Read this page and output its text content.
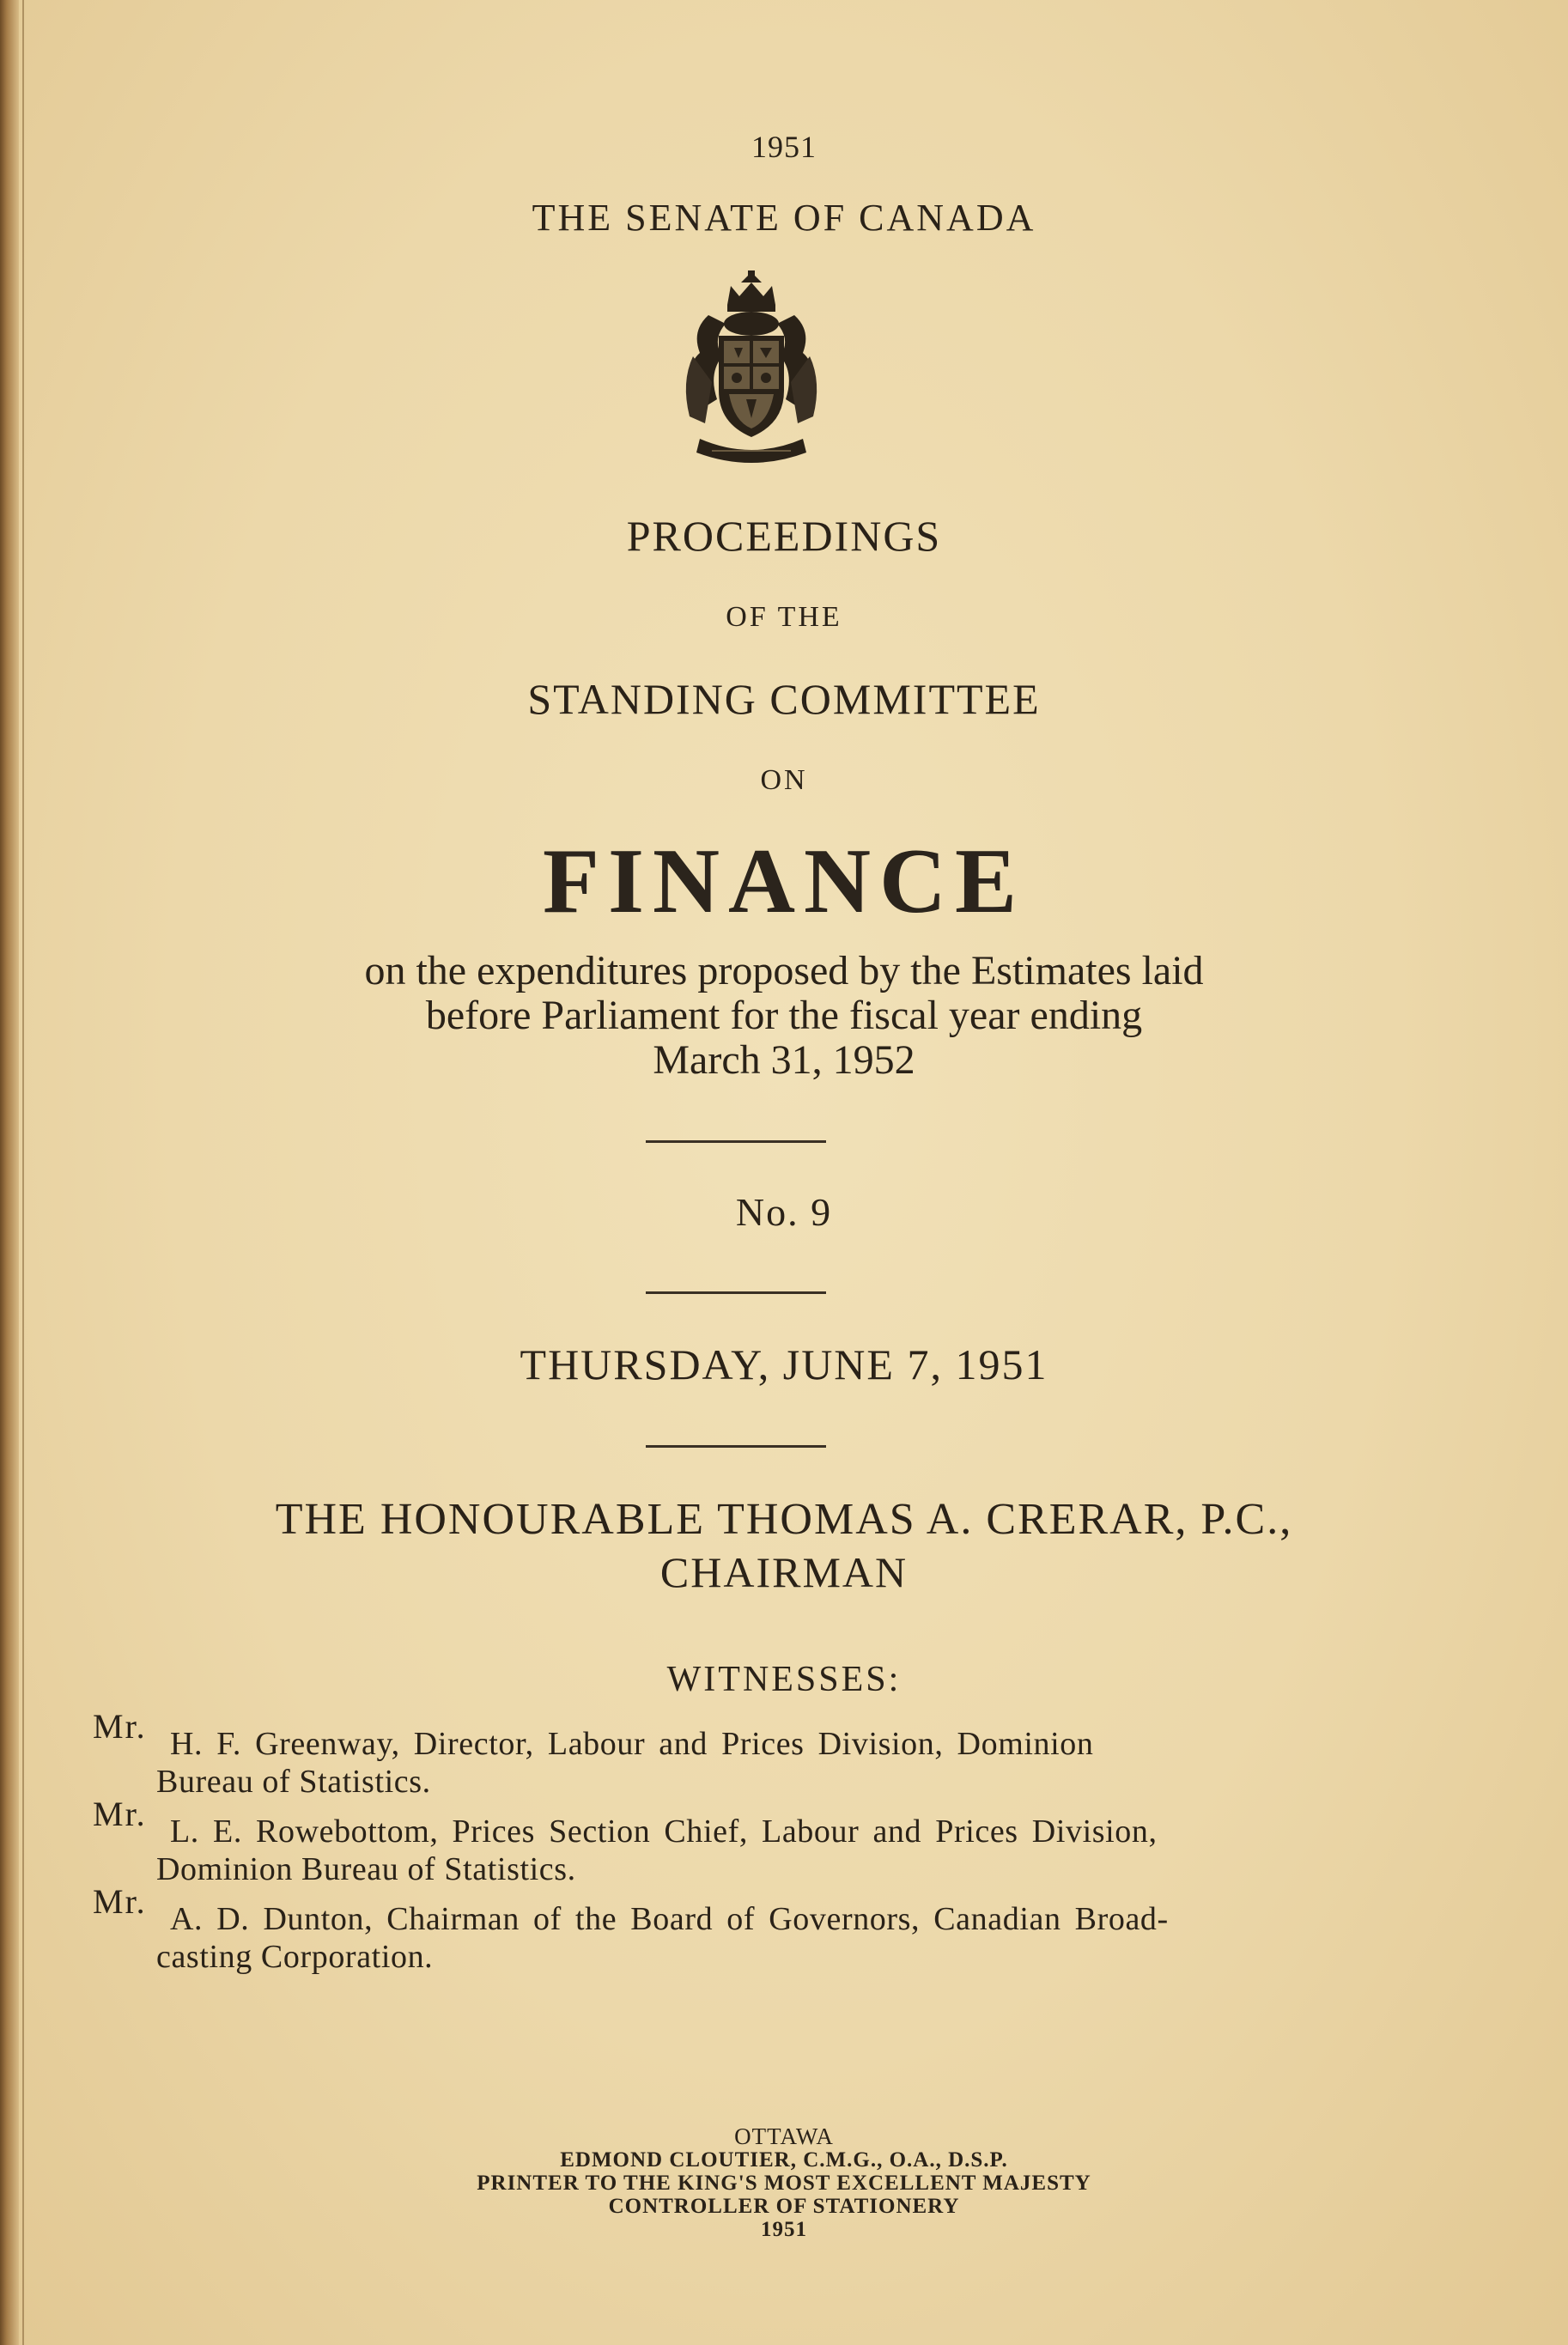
1951
THE SENATE OF CANADA
PROCEEDINGS
OF THE
STANDING COMMITTEE
ON
FINANCE
on the expenditures proposed by the Estimates laid
before Parliament for the fiscal year ending
March 31, 1952
No. 9
THURSDAY, JUNE 7, 1951
THE HONOURABLE THOMAS A. CRERAR, P.C.,
CHAIRMAN
WITNESSES:
Mr. H. F. Greenway, Director, Labour and Prices Division, Dominion
Bureau of Statistics.
Mr. L. E. Rowebottom, Prices Section Chief, Labour and Prices Division,
Dominion Bureau of Statistics.
Mr. A. D. Dunton, Chairman of the Board of Governors, Canadian Broad-
casting Corporation.
OTTAWA
EDMOND CLOUTIER, C.M.G., O.A., D.S.P.
PRINTER TO THE KING'S MOST EXCELLENT MAJESTY
CONTROLLER OF STATIONERY
1951
